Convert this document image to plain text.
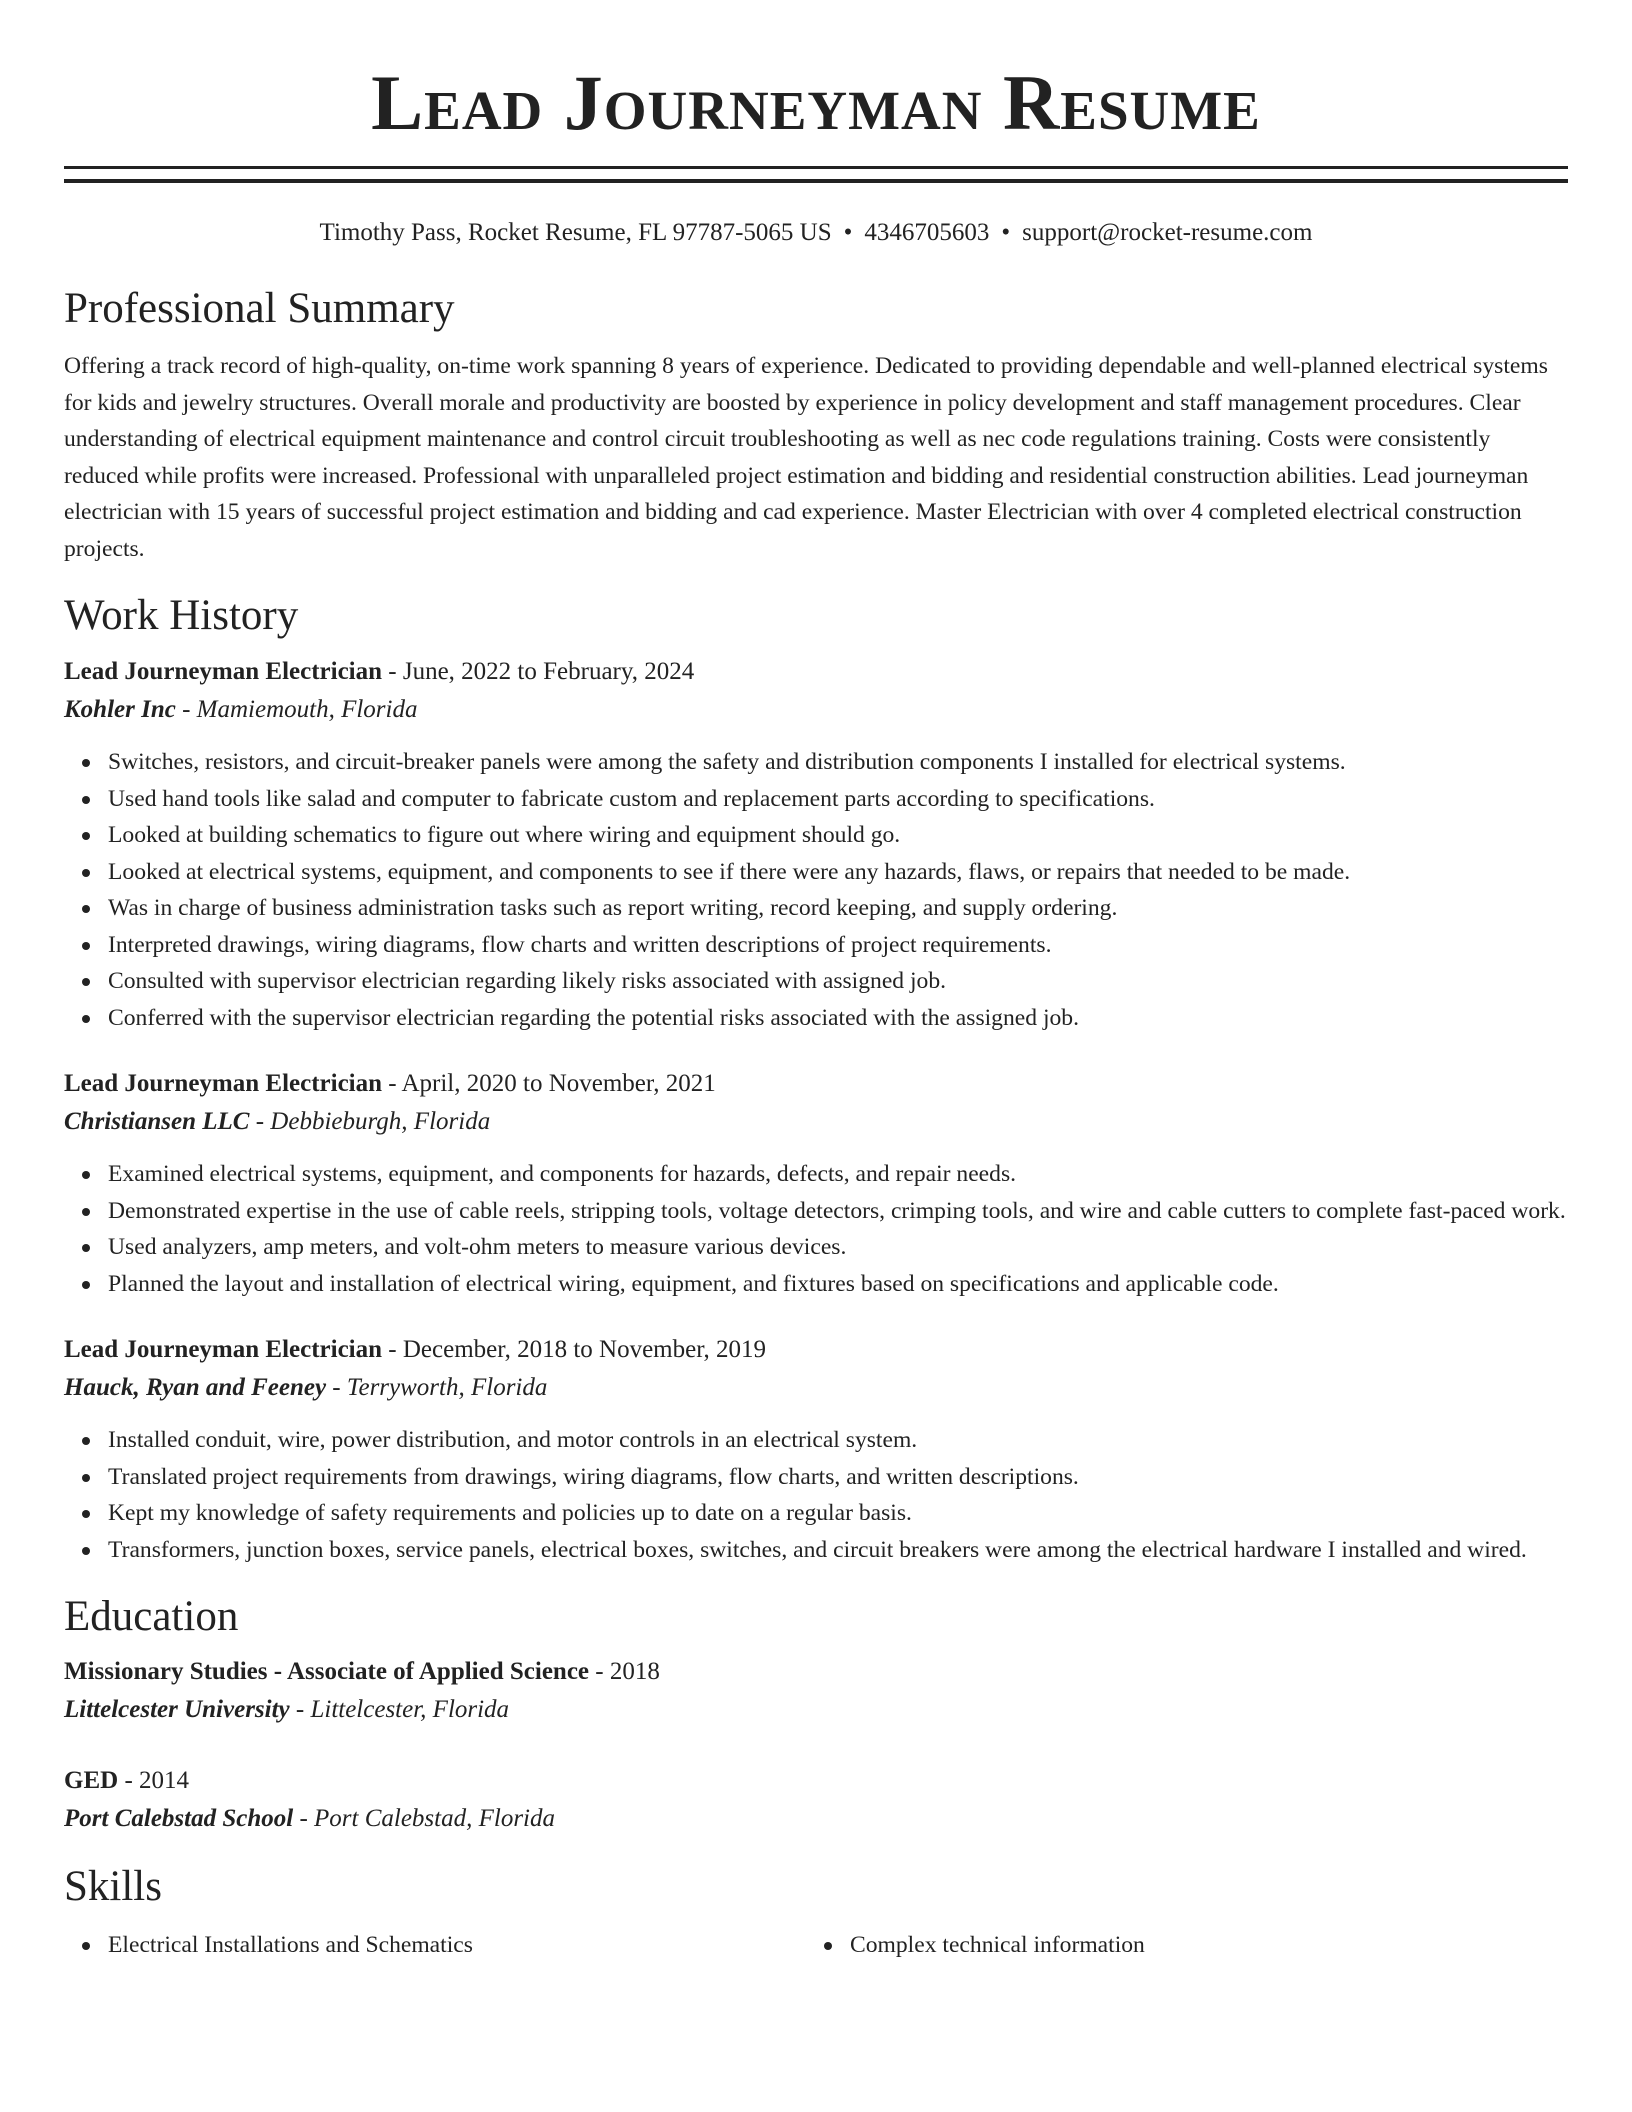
Lead Journeyman Resume
Timothy Pass, Rocket Resume, FL 97787-5065 US • 4346705603 • support@rocket-resume.com
Professional Summary

Offering a track record of high-quality, on-time work spanning 8 years of experience. Dedicated to providing dependable and well-planned electrical systems for kids and jewelry structures. Overall morale and productivity are boosted by experience in policy development and staff management procedures. Clear understanding of electrical equipment maintenance and control circuit troubleshooting as well as nec code regulations training. Costs were consistently reduced while profits were increased. Professional with unparalleled project estimation and bidding and residential construction abilities. Lead journeyman electrician with 15 years of successful project estimation and bidding and cad experience. Master Electrician with over 4 completed electrical construction projects.

Work History
Lead Journeyman Electrician - June, 2022 to February, 2024
Kohler Inc - Mamiemouth, Florida
Switches, resistors, and circuit-breaker panels were among the safety and distribution components I installed for electrical systems.
Used hand tools like salad and computer to fabricate custom and replacement parts according to specifications.
Looked at building schematics to figure out where wiring and equipment should go.
Looked at electrical systems, equipment, and components to see if there were any hazards, flaws, or repairs that needed to be made.
Was in charge of business administration tasks such as report writing, record keeping, and supply ordering.
Interpreted drawings, wiring diagrams, flow charts and written descriptions of project requirements.
Consulted with supervisor electrician regarding likely risks associated with assigned job.
Conferred with the supervisor electrician regarding the potential risks associated with the assigned job.
Lead Journeyman Electrician - April, 2020 to November, 2021
Christiansen LLC - Debbieburgh, Florida
Examined electrical systems, equipment, and components for hazards, defects, and repair needs.
Demonstrated expertise in the use of cable reels, stripping tools, voltage detectors, crimping tools, and wire and cable cutters to complete fast-paced work.
Used analyzers, amp meters, and volt-ohm meters to measure various devices.
Planned the layout and installation of electrical wiring, equipment, and fixtures based on specifications and applicable code.
Lead Journeyman Electrician - December, 2018 to November, 2019
Hauck, Ryan and Feeney - Terryworth, Florida
Installed conduit, wire, power distribution, and motor controls in an electrical system.
Translated project requirements from drawings, wiring diagrams, flow charts, and written descriptions.
Kept my knowledge of safety requirements and policies up to date on a regular basis.
Transformers, junction boxes, service panels, electrical boxes, switches, and circuit breakers were among the electrical hardware I installed and wired.
Education
Missionary Studies - Associate of Applied Science - 2018
Littelcester University - Littelcester, Florida
GED - 2014
Port Calebstad School - Port Calebstad, Florida
Skills
Electrical Installations and Schematics	Complex technical information
